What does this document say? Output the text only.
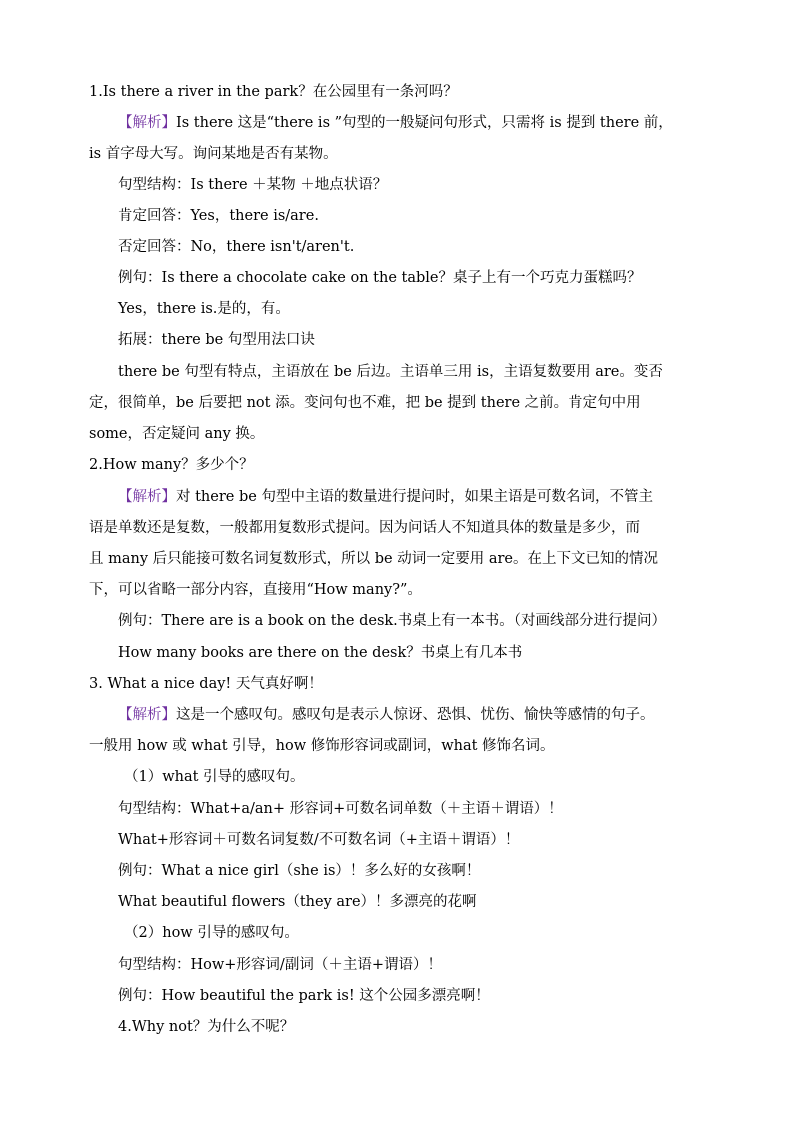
1.Is there a river in the park？在公园里有一条河吗？
【解析】Is there 这是“there is ”句型的一般疑问句形式，只需将 is 提到 there 前，
is 首字母大写。询问某地是否有某物。
句型结构：Is there ＋某物 ＋地点状语？
肯定回答：Yes，there is/are.
否定回答：No，there isn't/aren't.
例句：Is there a chocolate cake on the table？桌子上有一个巧克力蛋糕吗？
Yes，there is.是的，有。
拓展：there be 句型用法口诀
there be 句型有特点，主语放在 be 后边。主语单三用 is，主语复数要用 are。变否
定，很简单，be 后要把 not 添。变问句也不难，把 be 提到 there 之前。肯定句中用
some，否定疑问 any 换。
2.How many？多少个？
【解析】对 there be 句型中主语的数量进行提问时，如果主语是可数名词，不管主
语是单数还是复数，一般都用复数形式提问。因为问话人不知道具体的数量是多少，而
且 many 后只能接可数名词复数形式，所以 be 动词一定要用 are。在上下文已知的情况
下，可以省略一部分内容，直接用“How many?”。
例句：There are is a book on the desk.书桌上有一本书。（对画线部分进行提问）
How many books are there on the desk？书桌上有几本书
3. What a nice day! 天气真好啊！
【解析】这是一个感叹句。感叹句是表示人惊讶、恐惧、忧伤、愉快等感情的句子。
一般用 how 或 what 引导，how 修饰形容词或副词，what 修饰名词。
（1）what 引导的感叹句。
句型结构：What+a/an+ 形容词+可数名词单数（＋主语＋谓语）！
What+形容词＋可数名词复数/不可数名词（+主语＋谓语）！
例句：What a nice girl（she is）！多么好的女孩啊！
What beautiful flowers（they are）！多漂亮的花啊
（2）how 引导的感叹句。
句型结构：How+形容词/副词（＋主语+谓语）！
例句：How beautiful the park is! 这个公园多漂亮啊！
4.Why not？为什么不呢？
